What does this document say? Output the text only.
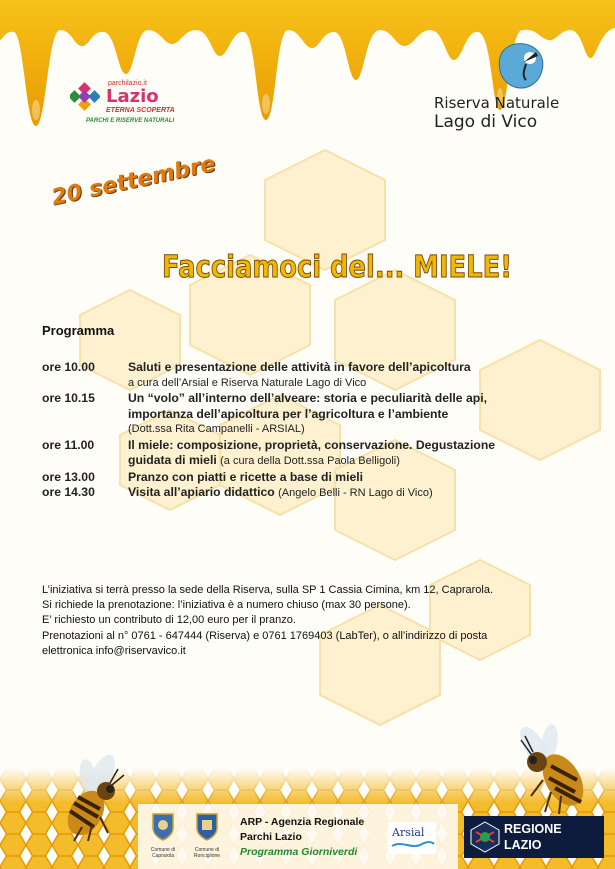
parchilazio.it
Lazio
ETERNA SCOPERTA
PARCHI E RISERVE NATURALI
Riserva Naturale
Lago di Vico
20 settembre
Facciamoci del... MIELE!
Programma
ore 10.00	Saluti e presentazione delle attività in favore dell’apicoltura
a cura dell’Arsial e Riserva Naturale Lago di Vico
ore 10.15	Un “volo” all’interno dell’alveare: storia e peculiarità delle api,
importanza dell’apicoltura per l’agricoltura e l’ambiente
(Dott.ssa Rita Campanelli - ARSIAL)
ore 11.00	Il miele: composizione, proprietà, conservazione. Degustazione
guidata di mieli (a cura della Dott.ssa Paola Belligoli)
ore 13.00	Pranzo con piatti e ricette a base di mieli
ore 14.30	Visita all’apiario didattico (Angelo Belli - RN Lago di Vico)

L’iniziativa si terrà presso la sede della Riserva, sulla SP 1 Cassia Cimina, km 12, Caprarola.

Si richiede la prenotazione: l’iniziativa è a numero chiuso (max 30 persone).

E’ richiesto un contributo di 12,00 euro per il pranzo.

Prenotazioni al n° 0761 - 647444 (Riserva) e 0761 1769403 (LabTer), o all’indirizzo di posta

elettronica info@riservavico.it

Comune di Caprarola
Comune di Ronciglione
ARP - Agenzia Regionale
Parchi Lazio
Programma Giorniverdi
Arsial	REGIONE
LAZIO
